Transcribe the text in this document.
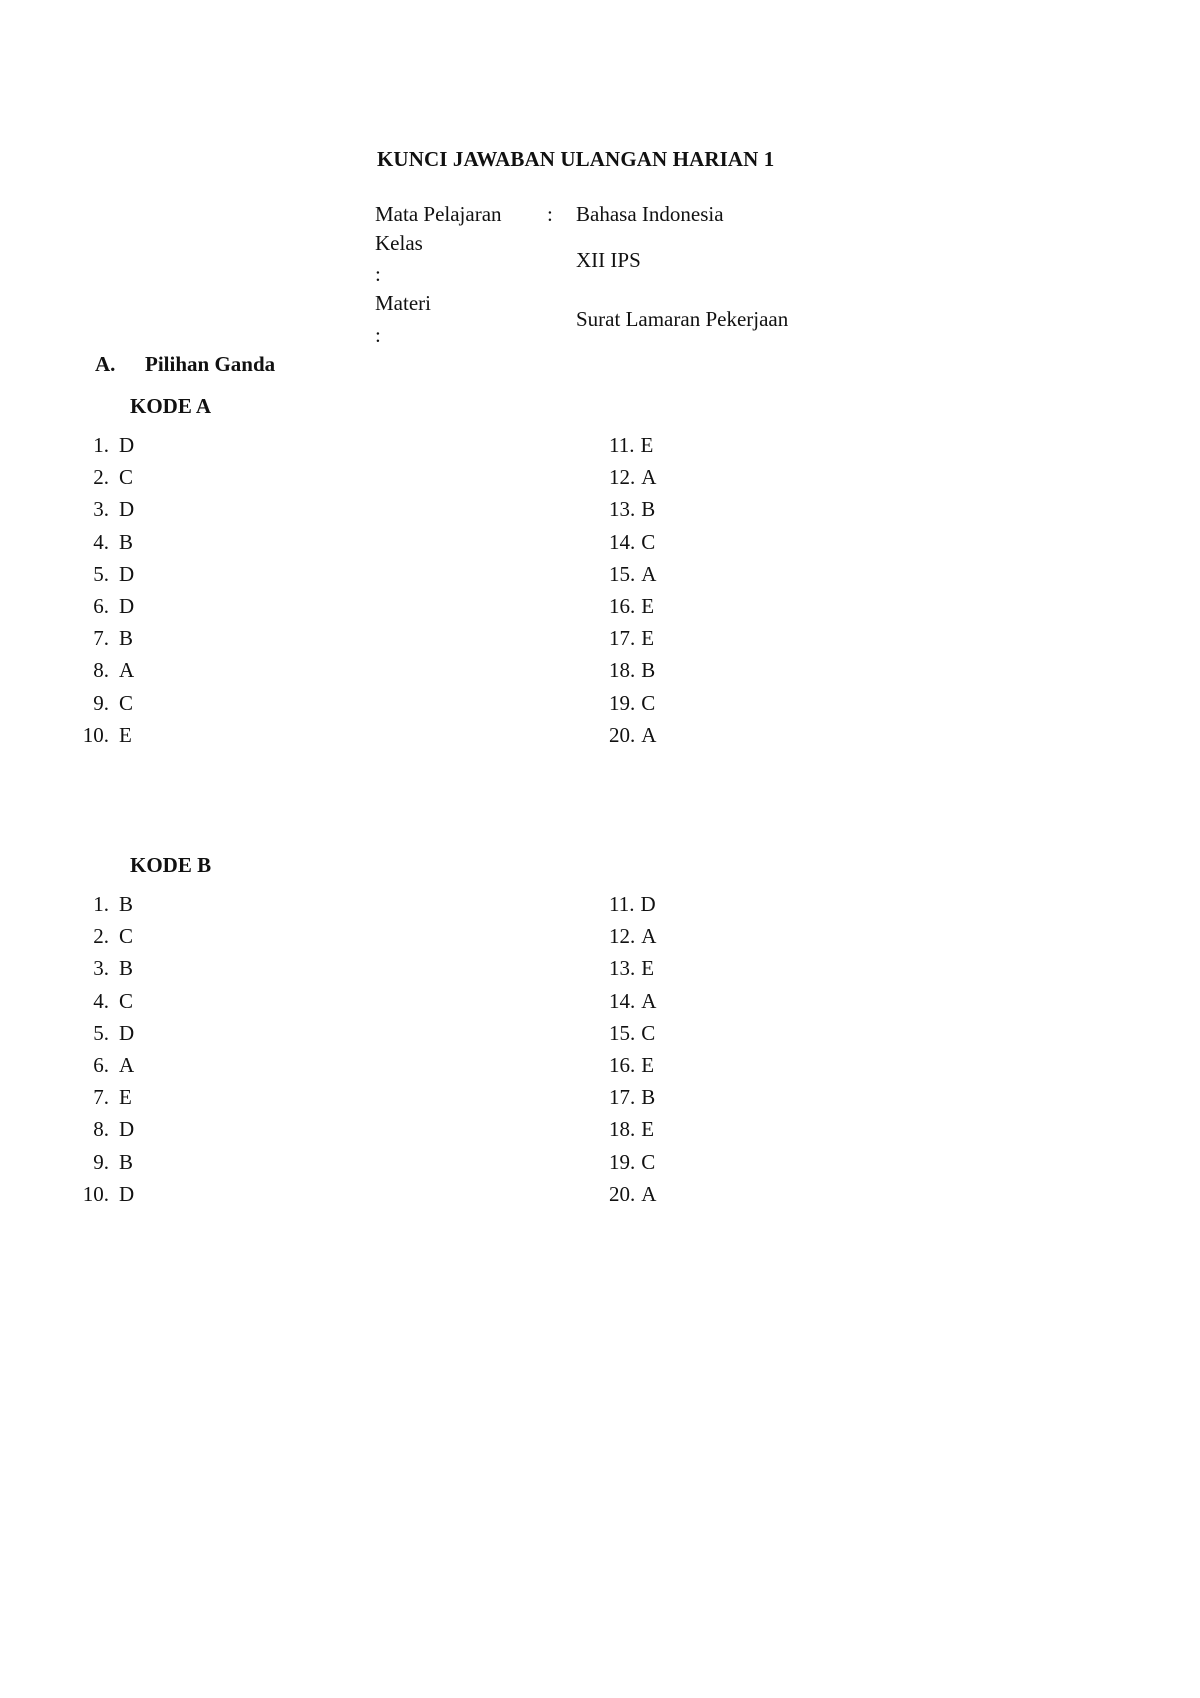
KUNCI JAWABAN ULANGAN HARIAN 1
Mata Pelajaran : Bahasa Indonesia
Kelas
:
XII IPS
Materi
:
Surat Lamaran Pekerjaan
A. Pilihan Ganda
KODE A
1. D
2. C
3. D
4. B
5. D
6. D
7. B
8. A
9. C
10. E
11. E
12. A
13. B
14. C
15. A
16. E
17. E
18. B
19. C
20. A
KODE B
1. B
2. C
3. B
4. C
5. D
6. A
7. E
8. D
9. B
10. D
11. D
12. A
13. E
14. A
15. C
16. E
17. B
18. E
19. C
20. A
